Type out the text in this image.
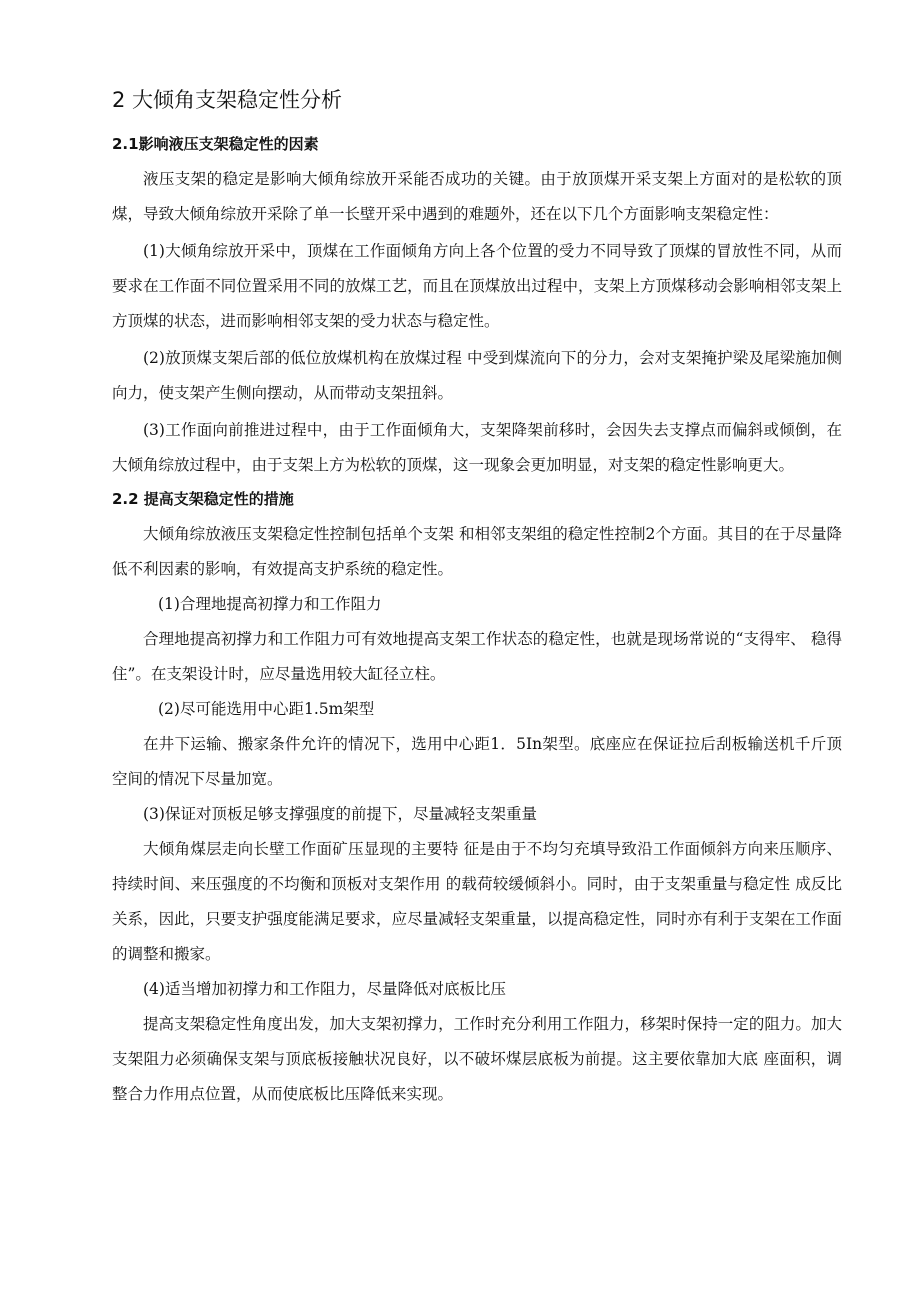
2 大倾角支架稳定性分析
2.1影响液压支架稳定性的因素

液压支架的稳定是影响大倾角综放开采能否成功的关键。由于放顶煤开采支架上方面对的是松软的顶煤，导致大倾角综放开采除了单一长壁开采中遇到的难题外，还在以下几个方面影响支架稳定性：

(1)大倾角综放开采中，顶煤在工作面倾角方向上各个位置的受力不同导致了顶煤的冒放性不同，从而要求在工作面不同位置采用不同的放煤工艺，而且在顶煤放出过程中，支架上方顶煤移动会影响相邻支架上方顶煤的状态，进而影响相邻支架的受力状态与稳定性。

(2)放顶煤支架后部的低位放煤机构在放煤过程 中受到煤流向下的分力，会对支架掩护梁及尾梁施加侧向力，使支架产生侧向摆动，从而带动支架扭斜。

(3)工作面向前推进过程中，由于工作面倾角大，支架降架前移时，会因失去支撑点而偏斜或倾倒，在大倾角综放过程中，由于支架上方为松软的顶煤，这一现象会更加明显，对支架的稳定性影响更大。

2.2 提高支架稳定性的措施

大倾角综放液压支架稳定性控制包括单个支架 和相邻支架组的稳定性控制2个方面。其目的在于尽量降低不利因素的影响，有效提高支护系统的稳定性。

(1)合理地提高初撑力和工作阻力

合理地提高初撑力和工作阻力可有效地提高支架工作状态的稳定性，也就是现场常说的“支得牢、 稳得住”。在支架设计时，应尽量选用较大缸径立柱。

(2)尽可能选用中心距1.5m架型

在井下运输、搬家条件允许的情况下，选用中心距1．5In架型。底座应在保证拉后刮板输送机千斤顶空间的情况下尽量加宽。

(3)保证对顶板足够支撑强度的前提下，尽量减轻支架重量

大倾角煤层走向长壁工作面矿压显现的主要特 征是由于不均匀充填导致沿工作面倾斜方向来压顺序、持续时间、来压强度的不均衡和顶板对支架作用 的载荷较缓倾斜小。同时，由于支架重量与稳定性 成反比关系，因此，只要支护强度能满足要求，应尽量减轻支架重量，以提高稳定性，同时亦有利于支架在工作面的调整和搬家。

(4)适当增加初撑力和工作阻力，尽量降低对底板比压

提高支架稳定性角度出发，加大支架初撑力，工作时充分利用工作阻力，移架时保持一定的阻力。加大支架阻力必须确保支架与顶底板接触状况良好，以不破坏煤层底板为前提。这主要依靠加大底 座面积，调整合力作用点位置，从而使底板比压降低来实现。
